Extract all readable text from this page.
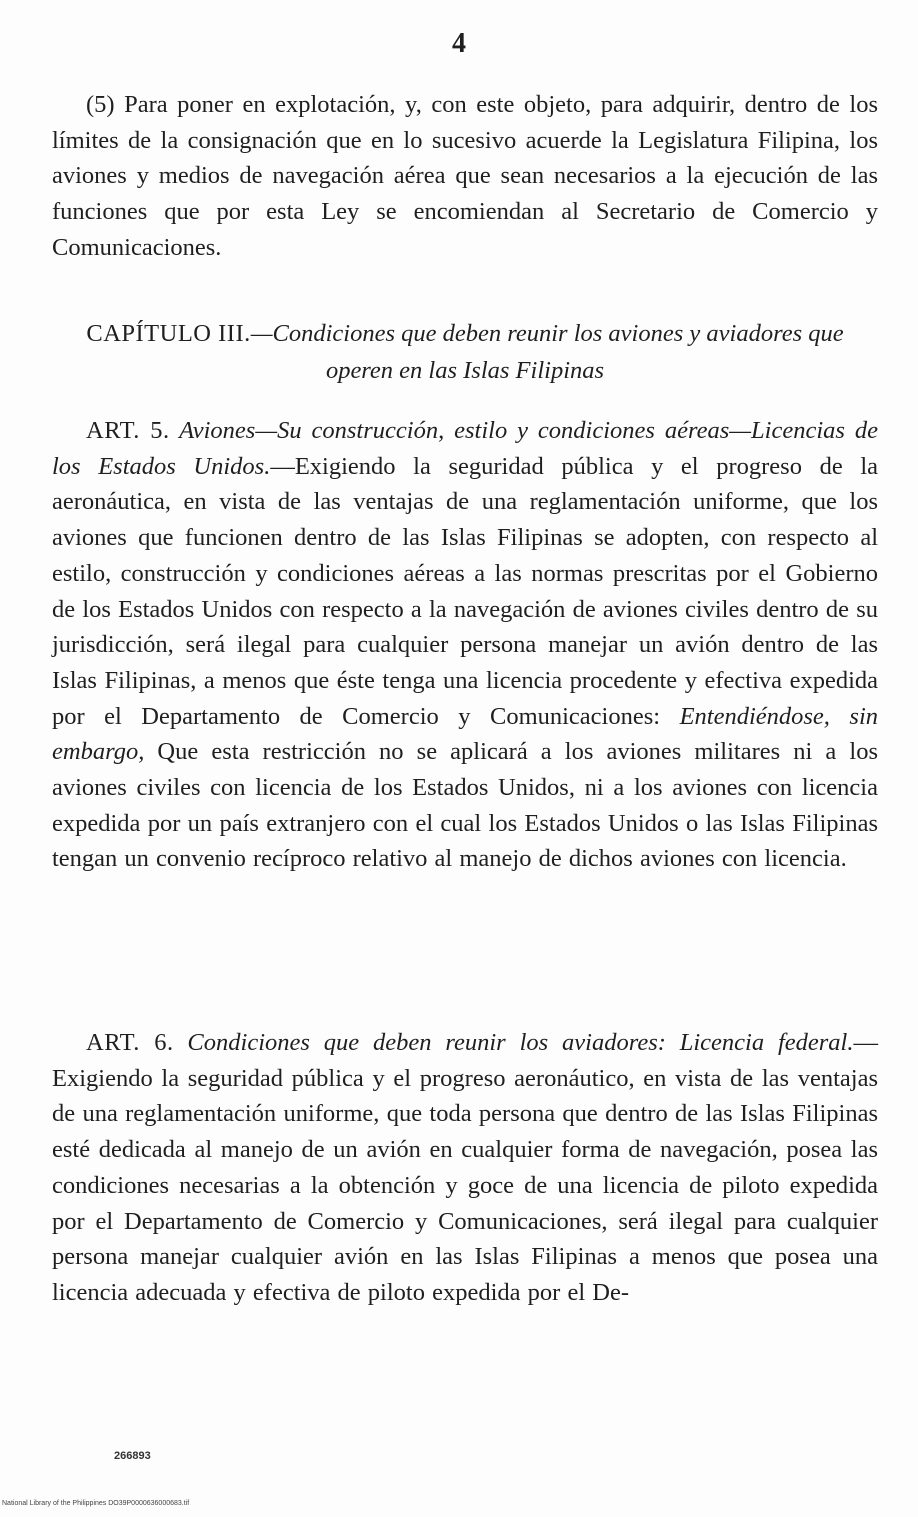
4
(5) Para poner en explotación, y, con este objeto, para adquirir, dentro de los límites de la consignación que en lo sucesivo acuerde la Legislatura Filipina, los aviones y medios de navegación aérea que sean necesarios a la ejecución de las funciones que por esta Ley se encomiendan al Secretario de Comercio y Comunicaciones.
CAPÍTULO III.—Condiciones que deben reunir los aviones y aviadores que operen en las Islas Filipinas
ART. 5. Aviones—Su construcción, estilo y condiciones aéreas—Licencias de los Estados Unidos.—Exigiendo la seguridad pública y el progreso de la aeronáutica, en vista de las ventajas de una reglamentación uniforme, que los aviones que funcionen dentro de las Islas Filipinas se adopten, con respecto al estilo, construcción y condiciones aéreas a las normas prescritas por el Gobierno de los Estados Unidos con respecto a la navegación de aviones civiles dentro de su jurisdicción, será ilegal para cualquier persona manejar un avión dentro de las Islas Filipinas, a menos que éste tenga una licencia procedente y efectiva expedida por el Departamento de Comercio y Comunicaciones: Entendiéndose, sin embargo, Que esta restricción no se aplicará a los aviones militares ni a los aviones civiles con licencia de los Estados Unidos, ni a los aviones con licencia expedida por un país extranjero con el cual los Estados Unidos o las Islas Filipinas tengan un convenio recíproco relativo al manejo de dichos aviones con licencia.
ART. 6. Condiciones que deben reunir los aviadores: Licencia federal.—Exigiendo la seguridad pública y el progreso aeronáutico, en vista de las ventajas de una reglamentación uniforme, que toda persona que dentro de las Islas Filipinas esté dedicada al manejo de un avión en cualquier forma de navegación, posea las condiciones necesarias a la obtención y goce de una licencia de piloto expedida por el Departamento de Comercio y Comunicaciones, será ilegal para cualquier persona manejar cualquier avión en las Islas Filipinas a menos que posea una licencia adecuada y efectiva de piloto expedida por el De-
266893
National Library of the Philippines DO39P0000636000683.tif
